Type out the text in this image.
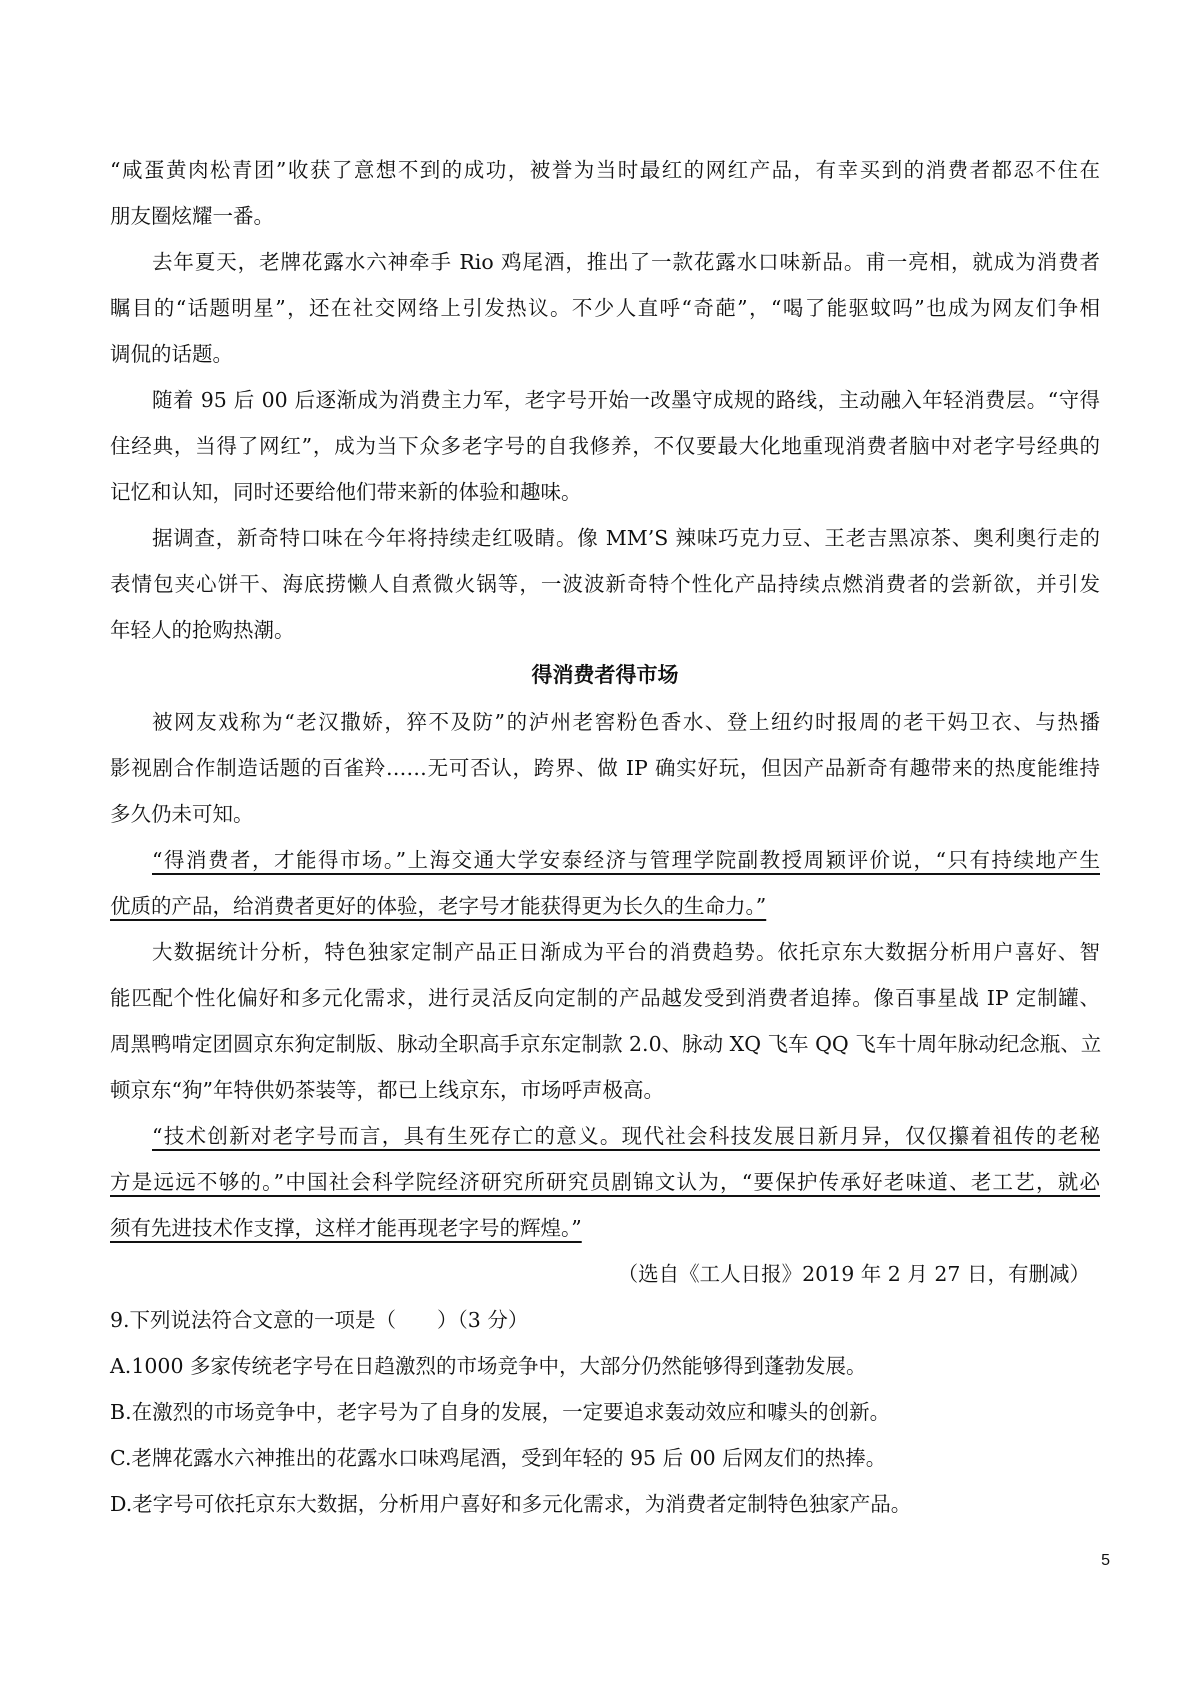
“咸蛋黄肉松青团”收获了意想不到的成功，被誉为当时最红的网红产品，有幸买到的消费者都忍不住在
朋友圈炫耀一番。
去年夏天，老牌花露水六神牵手 Rio 鸡尾酒，推出了一款花露水口味新品。甫一亮相，就成为消费者
瞩目的“话题明星”，还在社交网络上引发热议。不少人直呼“奇葩”，“喝了能驱蚊吗”也成为网友们争相
调侃的话题。
随着 95 后 00 后逐渐成为消费主力军，老字号开始一改墨守成规的路线，主动融入年轻消费层。“守得
住经典，当得了网红”，成为当下众多老字号的自我修养，不仅要最大化地重现消费者脑中对老字号经典的
记忆和认知，同时还要给他们带来新的体验和趣味。
据调查，新奇特口味在今年将持续走红吸睛。像 MM’S 辣味巧克力豆、王老吉黑凉茶、奥利奥行走的
表情包夹心饼干、海底捞懒人自煮微火锅等，一波波新奇特个性化产品持续点燃消费者的尝新欲，并引发
年轻人的抢购热潮。
得消费者得市场
被网友戏称为“老汉撒娇，猝不及防”的泸州老窖粉色香水、登上纽约时报周的老干妈卫衣、与热播
影视剧合作制造话题的百雀羚……无可否认，跨界、做 IP 确实好玩，但因产品新奇有趣带来的热度能维持
多久仍未可知。
“得消费者，才能得市场。”上海交通大学安泰经济与管理学院副教授周颖评价说，“只有持续地产生
优质的产品，给消费者更好的体验，老字号才能获得更为长久的生命力。”
大数据统计分析，特色独家定制产品正日渐成为平台的消费趋势。依托京东大数据分析用户喜好、智
能匹配个性化偏好和多元化需求，进行灵活反向定制的产品越发受到消费者追捧。像百事星战 IP 定制罐、
周黑鸭啃定团圆京东狗定制版、脉动全职高手京东定制款 2.0、脉动 XQ 飞车 QQ 飞车十周年脉动纪念瓶、立
顿京东“狗”年特供奶茶装等，都已上线京东，市场呼声极高。
“技术创新对老字号而言，具有生死存亡的意义。现代社会科技发展日新月异，仅仅攥着祖传的老秘
方是远远不够的。”中国社会科学院经济研究所研究员剧锦文认为，“要保护传承好老味道、老工艺，就必
须有先进技术作支撑，这样才能再现老字号的辉煌。”
（选自《工人日报》2019 年 2 月 27 日，有删减）
9.下列说法符合文意的一项是（　　）（3 分）
A.1000 多家传统老字号在日趋激烈的市场竞争中，大部分仍然能够得到蓬勃发展。
B.在激烈的市场竞争中，老字号为了自身的发展，一定要追求轰动效应和噱头的创新。
C.老牌花露水六神推出的花露水口味鸡尾酒，受到年轻的 95 后 00 后网友们的热捧。
D.老字号可依托京东大数据，分析用户喜好和多元化需求，为消费者定制特色独家产品。
5
